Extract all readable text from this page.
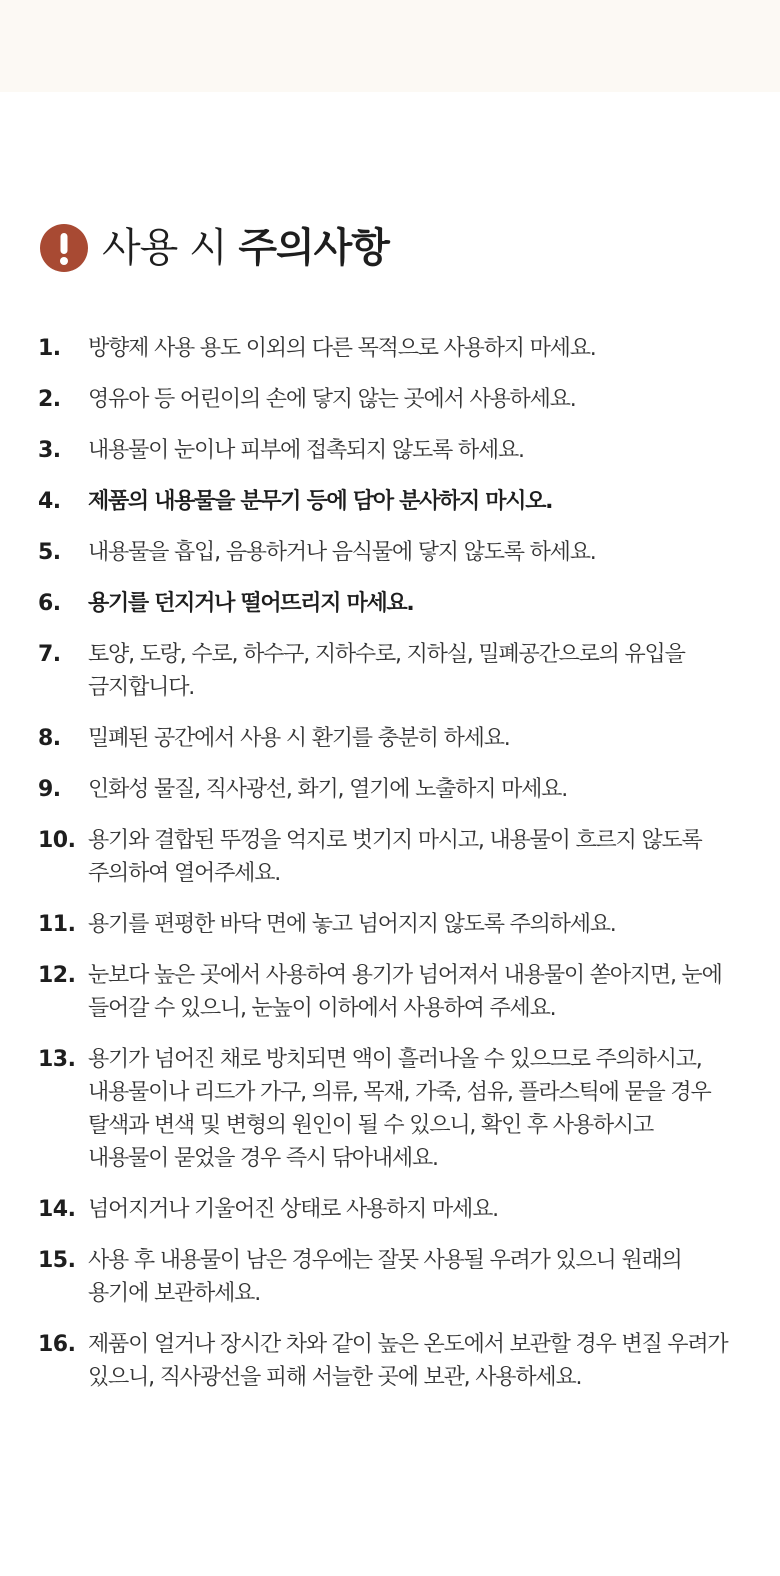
사용 시 주의사항
1.	방향제 사용 용도 이외의 다른 목적으로 사용하지 마세요.
2.	영유아 등 어린이의 손에 닿지 않는 곳에서 사용하세요.
3.	내용물이 눈이나 피부에 접촉되지 않도록 하세요.
4.	제품의 내용물을 분무기 등에 담아 분사하지 마시오.
5.	내용물을 흡입, 음용하거나 음식물에 닿지 않도록 하세요.
6.	용기를 던지거나 떨어뜨리지 마세요.
7.	토양, 도랑, 수로, 하수구, 지하수로, 지하실, 밀폐공간으로의 유입을 금지합니다.
8.	밀폐된 공간에서 사용 시 환기를 충분히 하세요.
9.	인화성 물질, 직사광선, 화기, 열기에 노출하지 마세요.
10. 용기와 결합된 뚜껑을 억지로 벗기지 마시고, 내용물이 흐르지 않도록 주의하여 열어주세요.
11. 용기를 편평한 바닥 면에 놓고 넘어지지 않도록 주의하세요.
12. 눈보다 높은 곳에서 사용하여 용기가 넘어져서 내용물이 쏟아지면, 눈에 들어갈 수 있으니, 눈높이 이하에서 사용하여 주세요.
13. 용기가 넘어진 채로 방치되면 액이 흘러나올 수 있으므로 주의하시고, 내용물이나 리드가 가구, 의류, 목재, 가죽, 섬유, 플라스틱에 묻을 경우 탈색과 변색 및 변형의 원인이 될 수 있으니, 확인 후 사용하시고 내용물이 묻었을 경우 즉시 닦아내세요.
14. 넘어지거나 기울어진 상태로 사용하지 마세요.
15. 사용 후 내용물이 남은 경우에는 잘못 사용될 우려가 있으니 원래의 용기에 보관하세요.
16. 제품이 얼거나 장시간 차와 같이 높은 온도에서 보관할 경우 변질 우려가 있으니, 직사광선을 피해 서늘한 곳에 보관, 사용하세요.
